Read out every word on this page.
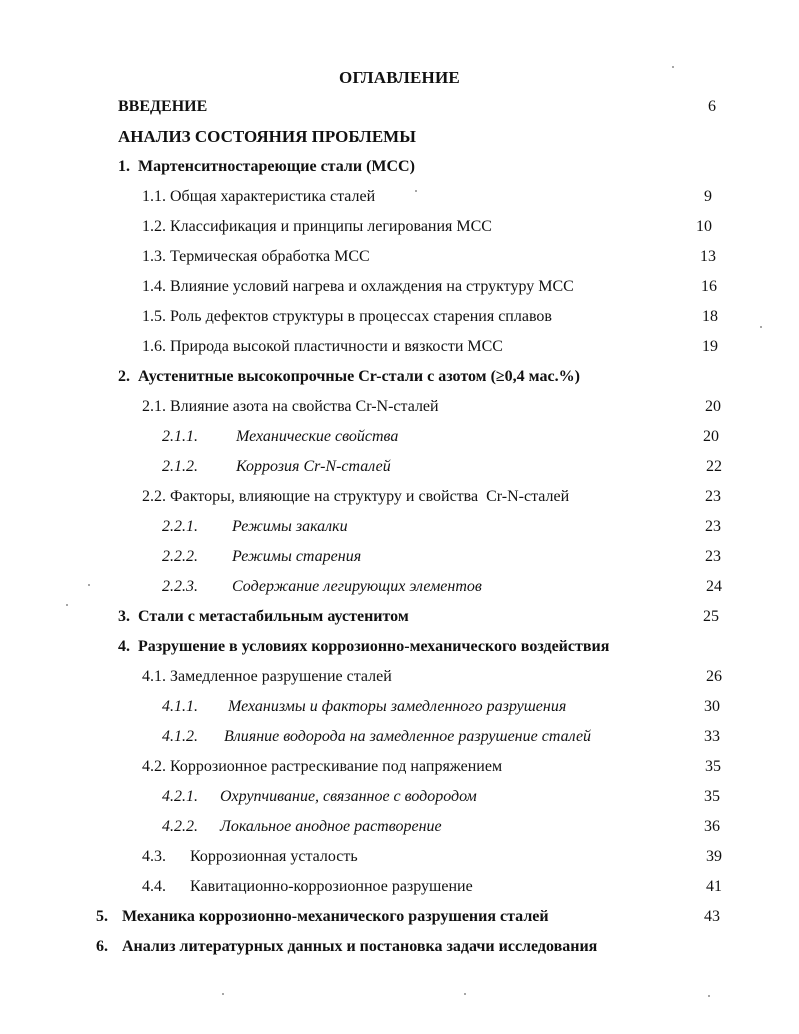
ОГЛАВЛЕНИЕ
ВВЕДЕНИЕ	6
АНАЛИЗ СОСТОЯНИЯ ПРОБЛЕМЫ
1. Мартенситностареющие стали (МСС)
1.1. Общая характеристика сталей	9
1.2. Классификация и принципы легирования МСС	10
1.3. Термическая обработка МСС	13
1.4. Влияние условий нагрева и охлаждения на структуру МСС	16
1.5. Роль дефектов структуры в процессах старения сплавов	18
1.6. Природа высокой пластичности и вязкости МСС	19
2. Аустенитные высокопрочные Cr-стали с азотом (≥0,4 мас.%)
2.1. Влияние азота на свойства Cr-N-сталей	20
2.1.1. Механические свойства	20
2.1.2. Коррозия Cr-N-сталей	22
2.2. Факторы, влияющие на структуру и свойства  Cr-N-сталей	23
2.2.1. Режимы закалки	23
2.2.2. Режимы старения	23
2.2.3. Содержание легирующих элементов	24
3. Стали с метастабильным аустенитом	25
4. Разрушение в условиях коррозионно-механического воздействия
4.1. Замедленное разрушение сталей	26
4.1.1. Механизмы и факторы замедленного разрушения	30
4.1.2. Влияние водорода на замедленное разрушение сталей	33
4.2. Коррозионное растрескивание под напряжением	35
4.2.1. Охрупчивание, связанное с водородом	35
4.2.2. Локальное анодное растворение	36
4.3. Коррозионная усталость	39
4.4. Кавитационно-коррозионное разрушение	41
5. Механика коррозионно-механического разрушения сталей	43
6. Анализ литературных данных и постановка задачи исследования
